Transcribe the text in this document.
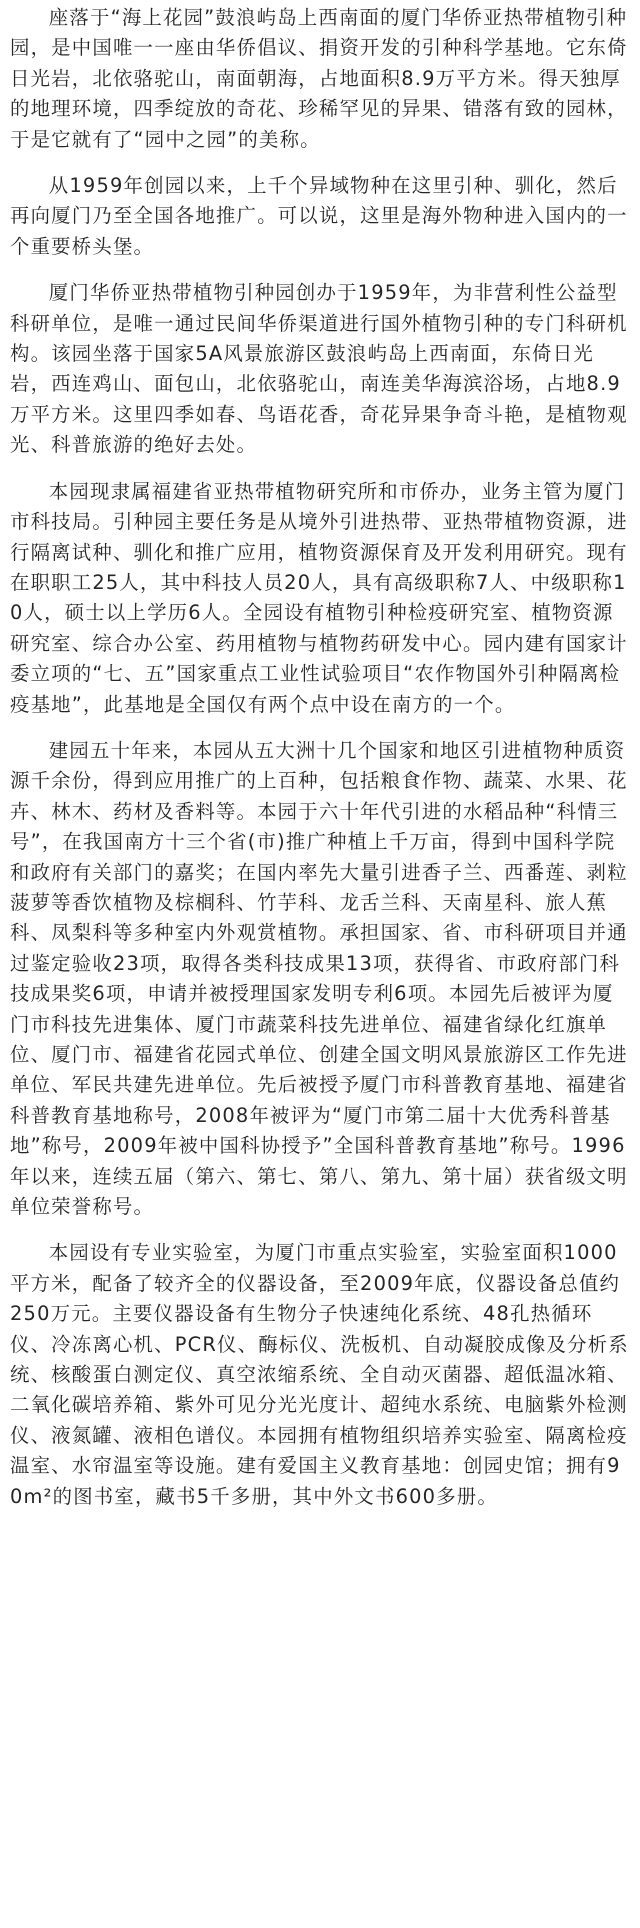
座落于“海上花园”鼓浪屿岛上西南面的厦门华侨亚热带植物引种园，是中国唯一一座由华侨倡议、捐资开发的引种科学基地。它东倚日光岩，北依骆驼山，南面朝海，占地面积8.9万平方米。得天独厚的地理环境，四季绽放的奇花、珍稀罕见的异果、错落有致的园林，于是它就有了“园中之园”的美称。

从1959年创园以来，上千个异域物种在这里引种、驯化，然后再向厦门乃至全国各地推广。可以说，这里是海外物种进入国内的一个重要桥头堡。

厦门华侨亚热带植物引种园创办于1959年，为非营利性公益型科研单位，是唯一通过民间华侨渠道进行国外植物引种的专门科研机构。该园坐落于国家5A风景旅游区鼓浪屿岛上西南面，东倚日光岩，西连鸡山、面包山，北依骆驼山，南连美华海滨浴场，占地8.9万平方米。这里四季如春、鸟语花香，奇花异果争奇斗艳，是植物观光、科普旅游的绝好去处。

本园现隶属福建省亚热带植物研究所和市侨办，业务主管为厦门市科技局。引种园主要任务是从境外引进热带、亚热带植物资源，进行隔离试种、驯化和推广应用，植物资源保育及开发利用研究。现有在职职工25人，其中科技人员20人，具有高级职称7人、中级职称10人，硕士以上学历6人。全园设有植物引种检疫研究室、植物资源研究室、综合办公室、药用植物与植物药研发中心。园内建有国家计委立项的“七、五”国家重点工业性试验项目“农作物国外引种隔离检疫基地”，此基地是全国仅有两个点中设在南方的一个。

建园五十年来，本园从五大洲十几个国家和地区引进植物种质资源千余份，得到应用推广的上百种，包括粮食作物、蔬菜、水果、花卉、林木、药材及香料等。本园于六十年代引进的水稻品种“科情三号”，在我国南方十三个省(市)推广种植上千万亩，得到中国科学院和政府有关部门的嘉奖；在国内率先大量引进香子兰、西番莲、剥粒菠萝等香饮植物及棕榈科、竹芋科、龙舌兰科、天南星科、旅人蕉科、凤梨科等多种室内外观赏植物。承担国家、省、市科研项目并通过鉴定验收23项，取得各类科技成果13项，获得省、市政府部门科技成果奖6项，申请并被授理国家发明专利6项。本园先后被评为厦门市科技先进集体、厦门市蔬菜科技先进单位、福建省绿化红旗单位、厦门市、福建省花园式单位、创建全国文明风景旅游区工作先进单位、军民共建先进单位。先后被授予厦门市科普教育基地、福建省科普教育基地称号，2008年被评为“厦门市第二届十大优秀科普基地”称号，2009年被中国科协授予”全国科普教育基地”称号。1996年以来，连续五届（第六、第七、第八、第九、第十届）获省级文明单位荣誉称号。

本园设有专业实验室，为厦门市重点实验室，实验室面积1000平方米，配备了较齐全的仪器设备，至2009年底，仪器设备总值约250万元。主要仪器设备有生物分子快速纯化系统、48孔热循环仪、冷冻离心机、PCR仪、酶标仪、洗板机、自动凝胶成像及分析系统、核酸蛋白测定仪、真空浓缩系统、全自动灭菌器、超低温冰箱、二氧化碳培养箱、紫外可见分光光度计、超纯水系统、电脑紫外检测仪、液氮罐、液相色谱仪。本园拥有植物组织培养实验室、隔离检疫温室、水帘温室等设施。建有爱国主义教育基地：创园史馆；拥有90m²的图书室，藏书5千多册，其中外文书600多册。
